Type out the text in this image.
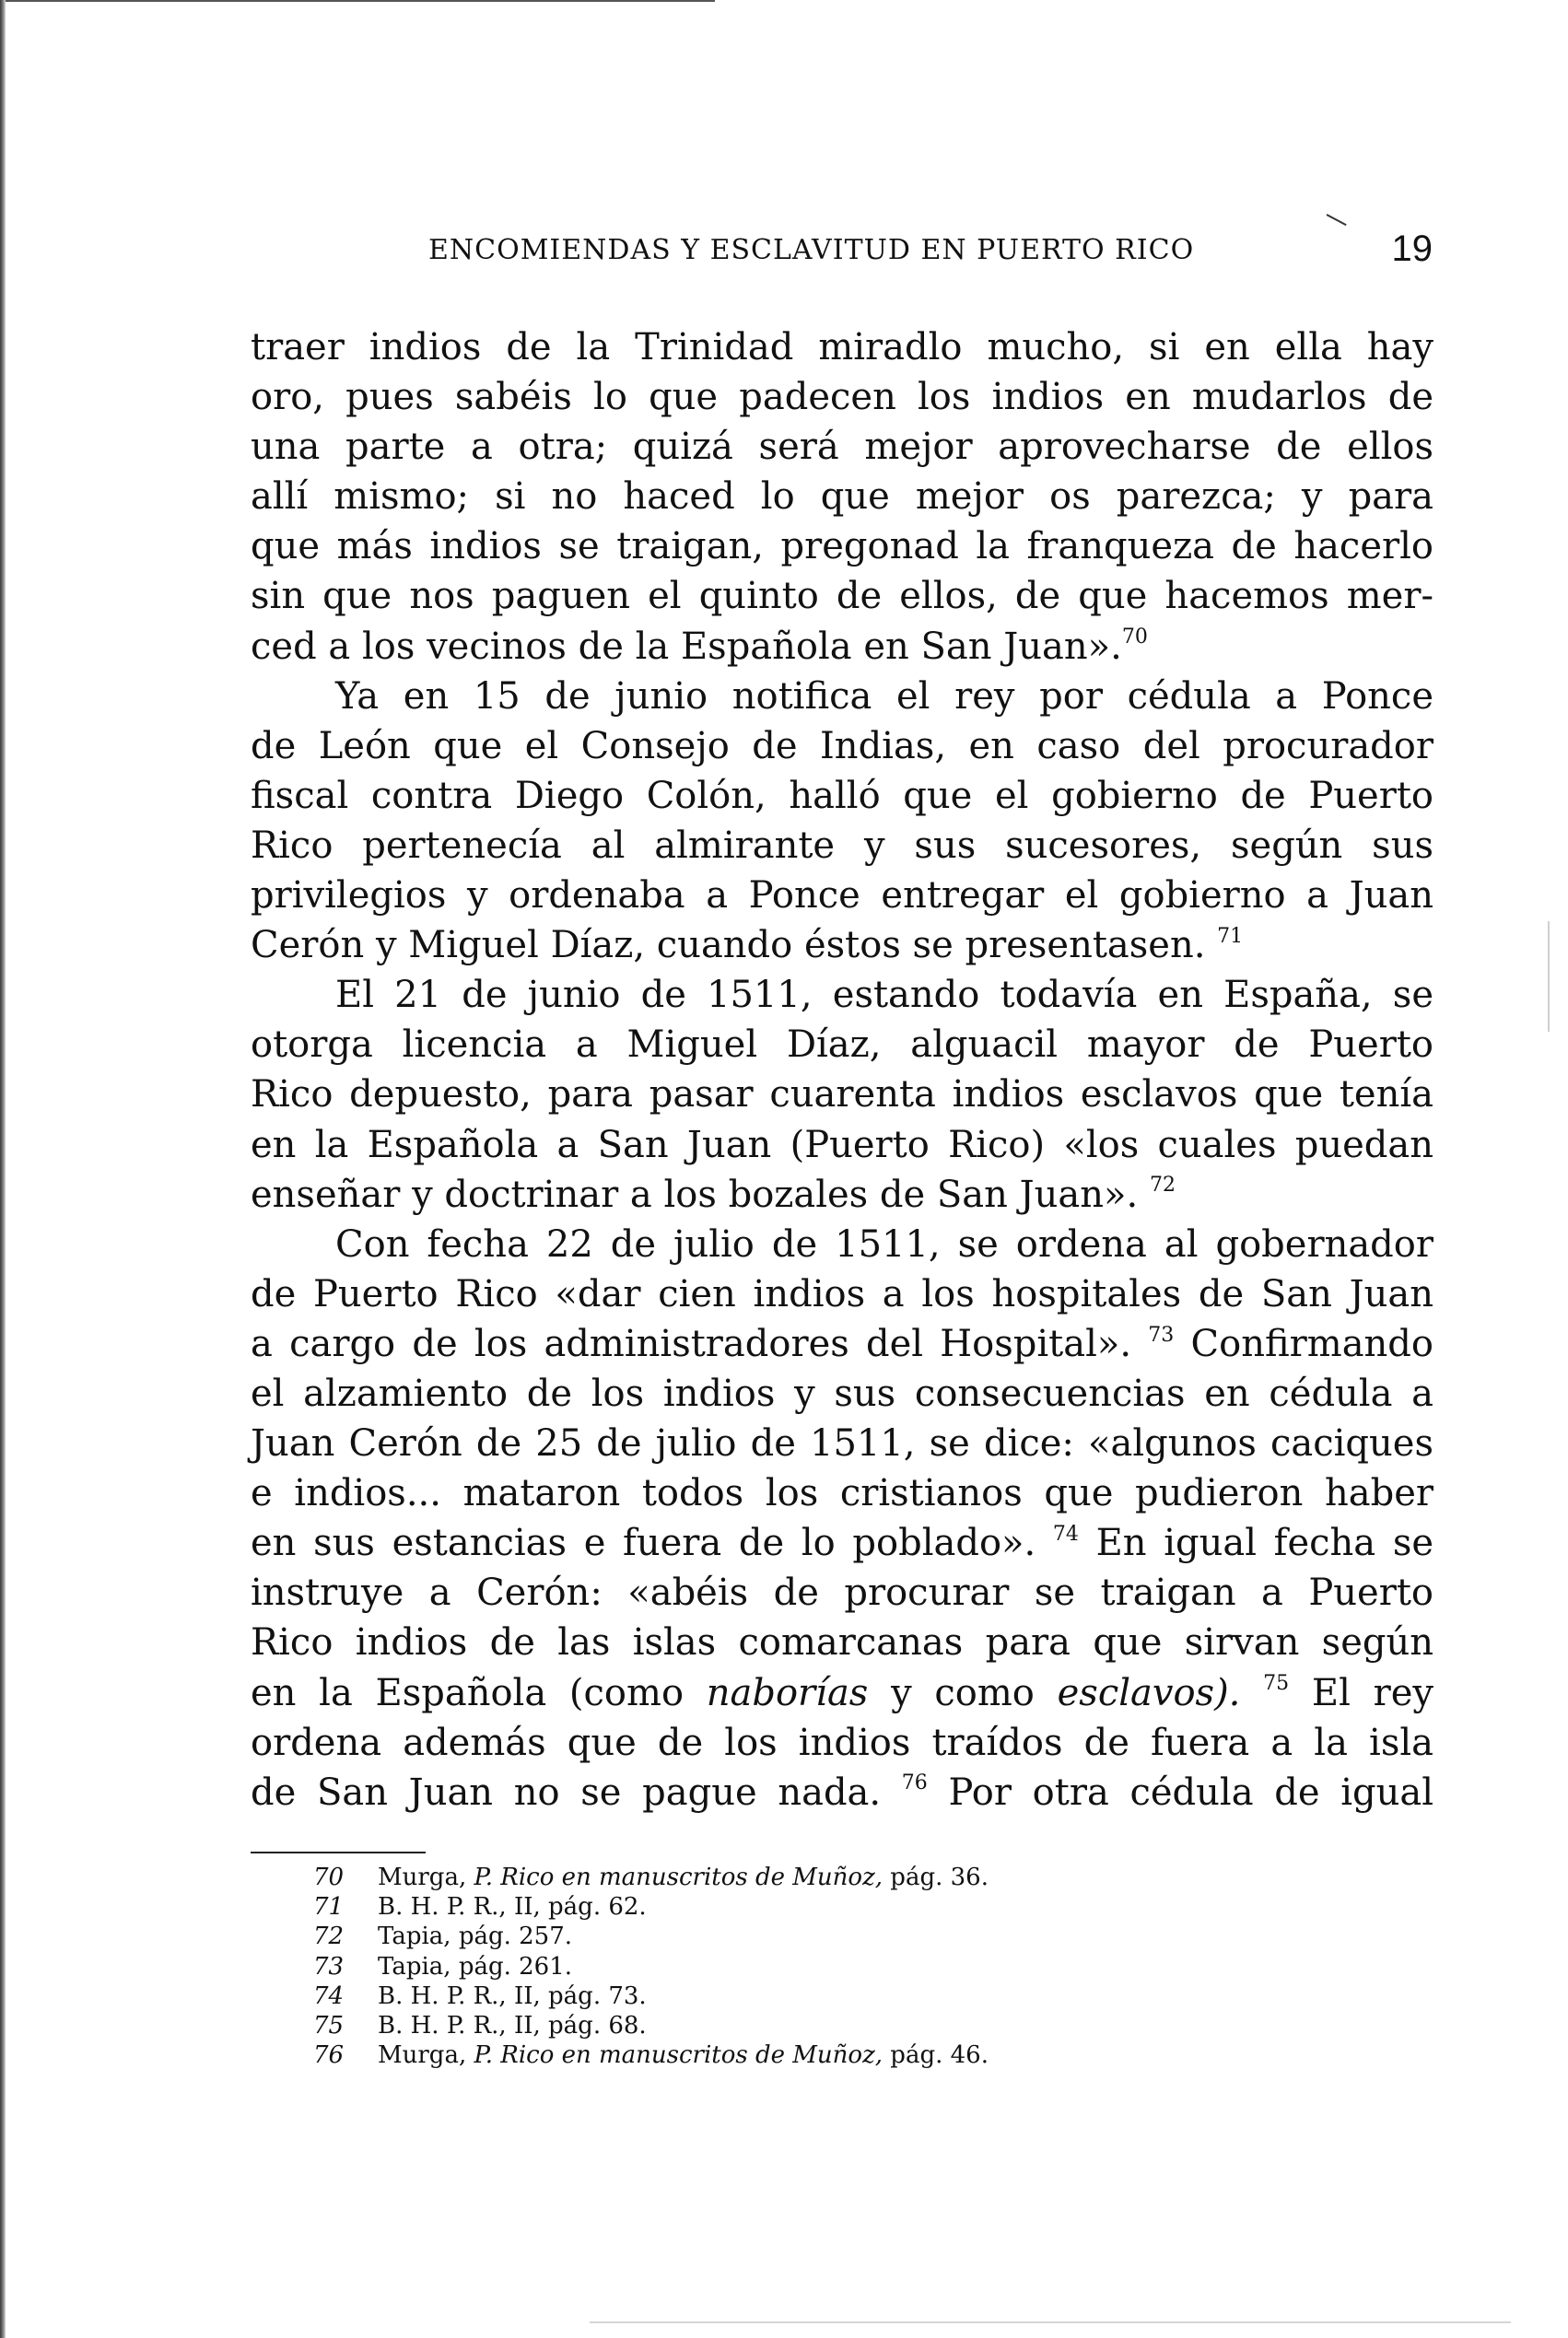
ENCOMIENDAS Y ESCLAVITUD EN PUERTO RICO	19
traer indios de la Trinidad miradlo mucho, si en ella hay
oro, pues sabéis lo que padecen los indios en mudarlos de
una parte a otra; quizá será mejor aprovecharse de ellos
allí mismo; si no haced lo que mejor os parezca; y para
que más indios se traigan, pregonad la franqueza de hacerlo
sin que nos paguen el quinto de ellos, de que hacemos mer-
ced a los vecinos de la Española en San Juan».$^{70}$
Ya en 15 de junio notifica el rey por cédula a Ponce
de León que el Consejo de Indias, en caso del procurador
fiscal contra Diego Colón, halló que el gobierno de Puerto
Rico pertenecía al almirante y sus sucesores, según sus
privilegios y ordenaba a Ponce entregar el gobierno a Juan
Cerón y Miguel Díaz, cuando éstos se presentasen. $^{71}$
El 21 de junio de 1511, estando todavía en España, se
otorga licencia a Miguel Díaz, alguacil mayor de Puerto
Rico depuesto, para pasar cuarenta indios esclavos que tenía
en la Española a San Juan (Puerto Rico) «los cuales puedan
enseñar y doctrinar a los bozales de San Juan». $^{72}$
Con fecha 22 de julio de 1511, se ordena al gobernador
de Puerto Rico «dar cien indios a los hospitales de San Juan
a cargo de los administradores del Hospital». $^{73}$ Confirmando
el alzamiento de los indios y sus consecuencias en cédula a
Juan Cerón de 25 de julio de 1511, se dice: «algunos caciques
e indios... mataron todos los cristianos que pudieron haber
en sus estancias e fuera de lo poblado». $^{74}$ En igual fecha se
instruye a Cerón: «abéis de procurar se traigan a Puerto
Rico indios de las islas comarcanas para que sirvan según
en la Española (como naborías y como esclavos). $^{75}$ El rey
ordena además que de los indios traídos de fuera a la isla
de San Juan no se pague nada. $^{76}$ Por otra cédula de igual
70 Murga, P. Rico en manuscritos de Muñoz, pág. 36.
71 B. H. P. R., II, pág. 62.
72 Tapia, pág. 257.
73 Tapia, pág. 261.
74 B. H. P. R., II, pág. 73.
75 B. H. P. R., II, pág. 68.
76 Murga, P. Rico en manuscritos de Muñoz, pág. 46.
